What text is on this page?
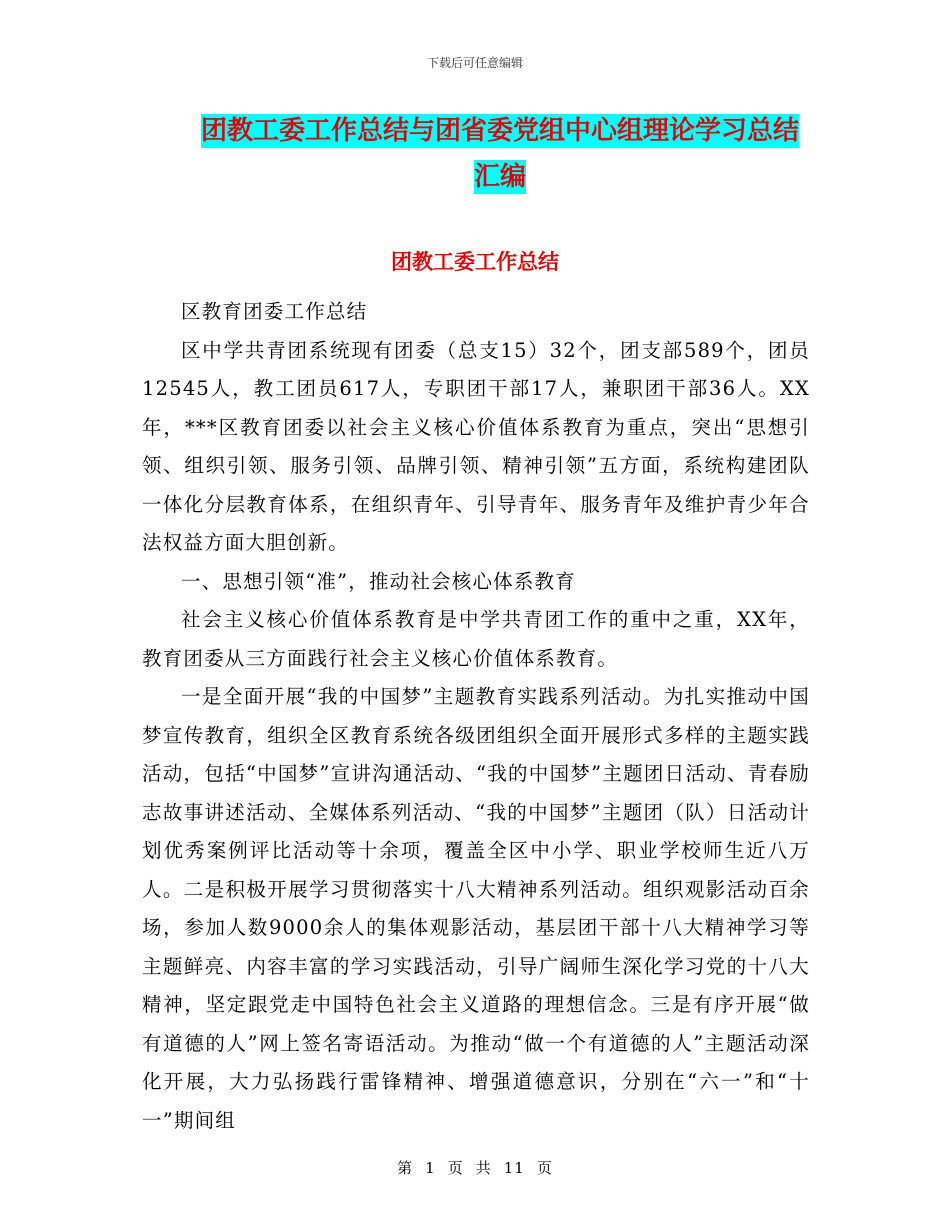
下载后可任意编辑
团教工委工作总结与团省委党组中心组理论学习总结
汇编
团教工委工作总结

区教育团委工作总结

区中学共青团系统现有团委（总支15）32个，团支部589个，团员12545人，教工团员617人，专职团干部17人，兼职团干部36人。XX年，***区教育团委以社会主义核心价值体系教育为重点，突出“思想引领、组织引领、服务引领、品牌引领、精神引领”五方面，系统构建团队一体化分层教育体系，在组织青年、引导青年、服务青年及维护青少年合法权益方面大胆创新。

一、思想引领“准”，推动社会核心体系教育

社会主义核心价值体系教育是中学共青团工作的重中之重，XX年，教育团委从三方面践行社会主义核心价值体系教育。

一是全面开展“我的中国梦”主题教育实践系列活动。为扎实推动中国梦宣传教育，组织全区教育系统各级团组织全面开展形式多样的主题实践活动，包括“中国梦”宣讲沟通活动、“我的中国梦”主题团日活动、青春励志故事讲述活动、全媒体系列活动、“我的中国梦”主题团（队）日活动计划优秀案例评比活动等十余项，覆盖全区中小学、职业学校师生近八万人。二是积极开展学习贯彻落实十八大精神系列活动。组织观影活动百余场，参加人数9000余人的集体观影活动，基层团干部十八大精神学习等主题鲜亮、内容丰富的学习实践活动，引导广阔师生深化学习党的十八大精神，坚定跟党走中国特色社会主义道路的理想信念。三是有序开展“做有道德的人”网上签名寄语活动。为推动“做一个有道德的人”主题活动深化开展，大力弘扬践行雷锋精神、增强道德意识，分别在“六一”和“十一”期间组

第 1 页 共 11 页
